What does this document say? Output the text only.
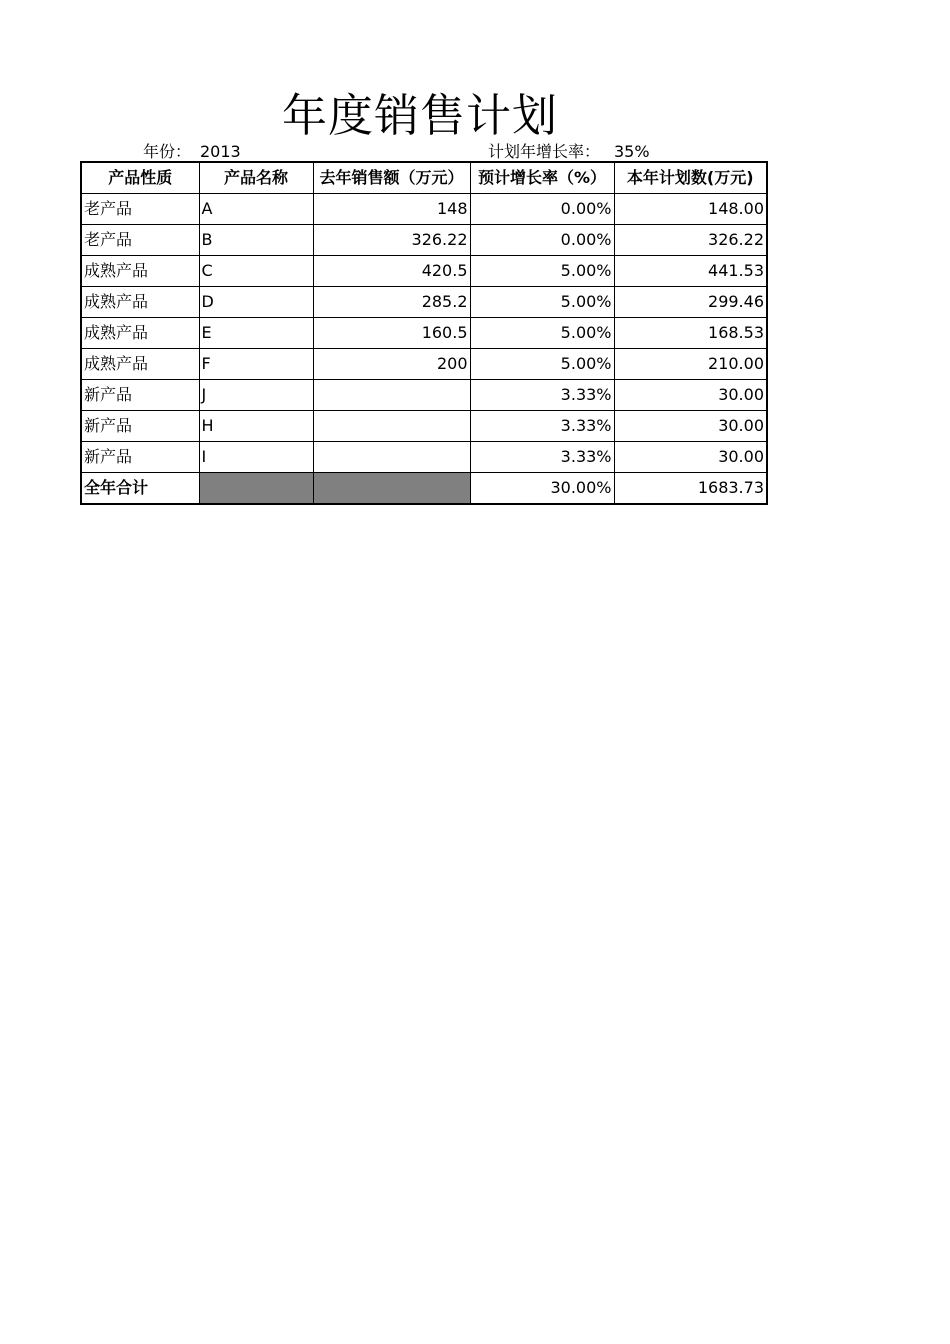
年度销售计划
年份： 2013	计划年增长率： 35%
产品性质	产品名称	去年销售额（万元）	预计增长率（%）	本年计划数(万元)
老产品	A	148	0.00%	148.00
老产品	B	326.22	0.00%	326.22
成熟产品	C	420.5	5.00%	441.53
成熟产品	D	285.2	5.00%	299.46
成熟产品	E	160.5	5.00%	168.53
成熟产品	F	200	5.00%	210.00
新产品	J		3.33%	30.00
新产品	H		3.33%	30.00
新产品	I		3.33%	30.00
全年合计			30.00%	1683.73
